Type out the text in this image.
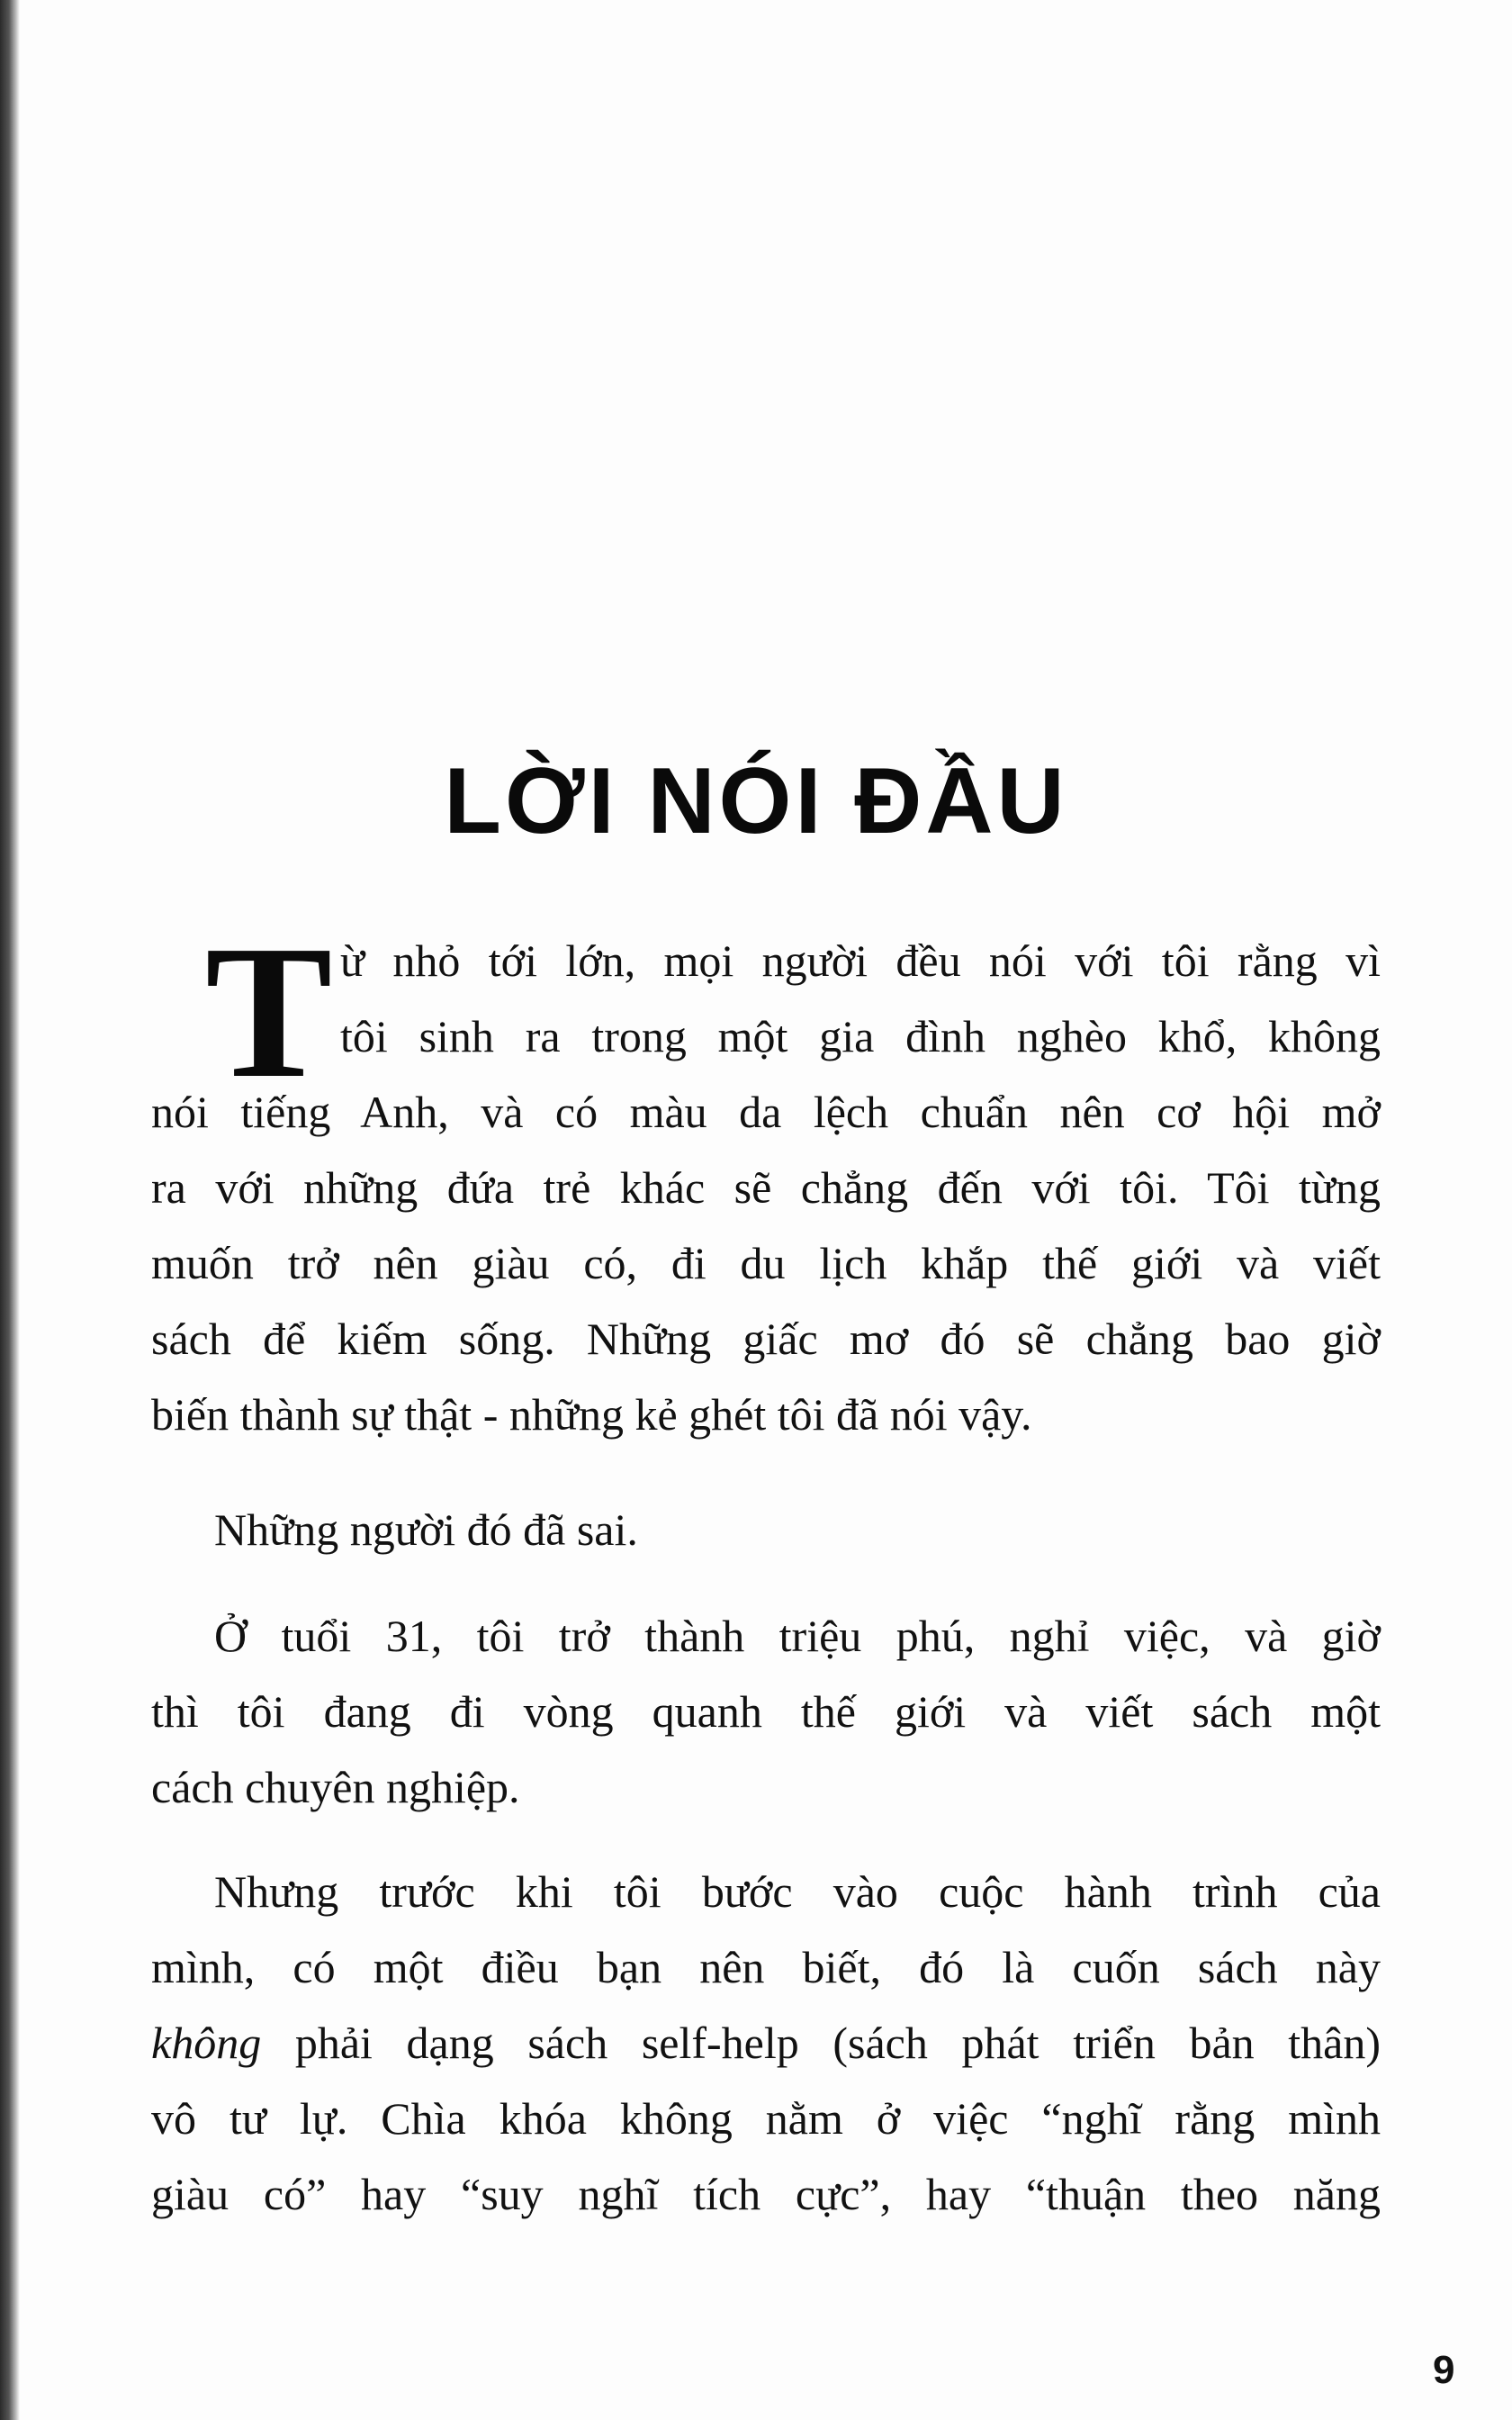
LỜI NÓI ĐẦU
T ừ nhỏ tới lớn, mọi người đều nói với tôi rằng vì
tôi sinh ra trong một gia đình nghèo khổ, không
nói tiếng Anh, và có màu da lệch chuẩn nên cơ hội mở
ra với những đứa trẻ khác sẽ chẳng đến với tôi. Tôi từng
muốn trở nên giàu có, đi du lịch khắp thế giới và viết
sách để kiếm sống. Những giấc mơ đó sẽ chẳng bao giờ
biến thành sự thật - những kẻ ghét tôi đã nói vậy.
Những người đó đã sai.
Ở tuổi 31, tôi trở thành triệu phú, nghỉ việc, và giờ
thì tôi đang đi vòng quanh thế giới và viết sách một
cách chuyên nghiệp.
Nhưng trước khi tôi bước vào cuộc hành trình của
mình, có một điều bạn nên biết, đó là cuốn sách này
không phải dạng sách self-help (sách phát triển bản thân)
vô tư lự. Chìa khóa không nằm ở việc “nghĩ rằng mình
giàu có” hay “suy nghĩ tích cực”, hay “thuận theo năng
9
